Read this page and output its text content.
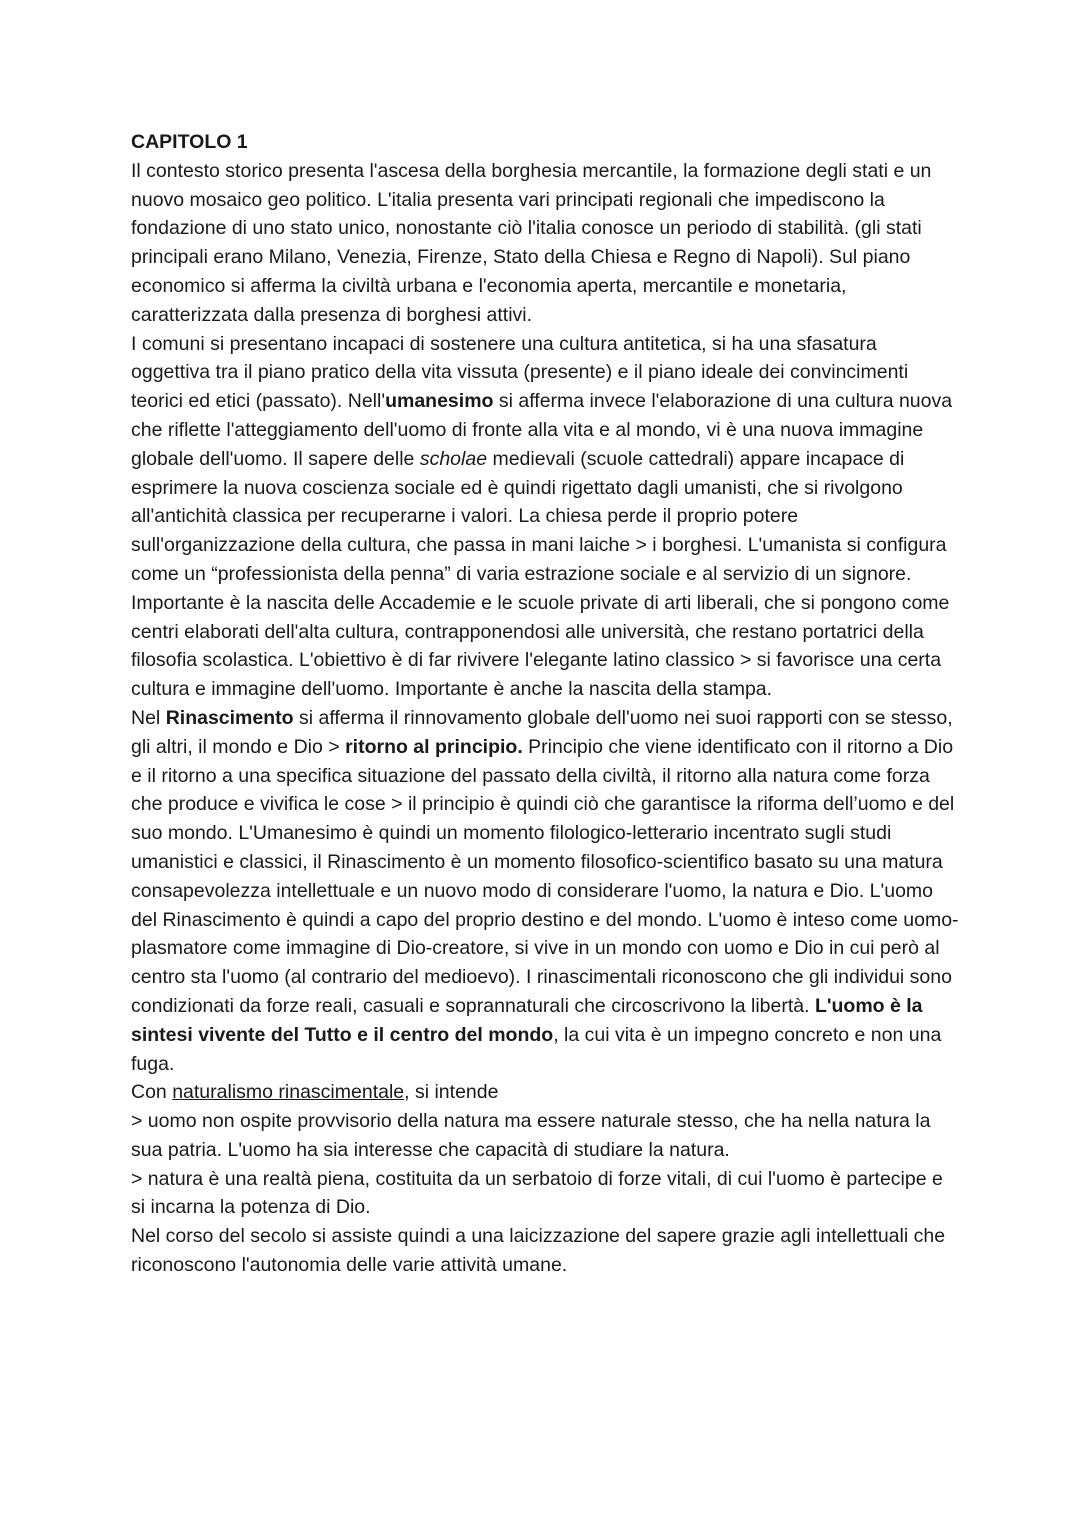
CAPITOLO 1

Il contesto storico presenta l'ascesa della borghesia mercantile, la formazione degli stati e un nuovo mosaico geo politico. L'italia presenta vari principati regionali che impediscono la fondazione di uno stato unico, nonostante ciò l'italia conosce un periodo di stabilità. (gli stati principali erano Milano, Venezia, Firenze, Stato della Chiesa e Regno di Napoli). Sul piano economico si afferma la civiltà urbana e l'economia aperta, mercantile e monetaria, caratterizzata dalla presenza di borghesi attivi.

I comuni si presentano incapaci di sostenere una cultura antitetica, si ha una sfasatura oggettiva tra il piano pratico della vita vissuta (presente) e il piano ideale dei convincimenti teorici ed etici (passato). Nell'umanesimo si afferma invece l'elaborazione di una cultura nuova che riflette l'atteggiamento dell'uomo di fronte alla vita e al mondo, vi è una nuova immagine globale dell'uomo. Il sapere delle scholae medievali (scuole cattedrali) appare incapace di esprimere la nuova coscienza sociale ed è quindi rigettato dagli umanisti, che si rivolgono all'antichità classica per recuperarne i valori. La chiesa perde il proprio potere sull'organizzazione della cultura, che passa in mani laiche > i borghesi. L'umanista si configura come un “professionista della penna” di varia estrazione sociale e al servizio di un signore. Importante è la nascita delle Accademie e le scuole private di arti liberali, che si pongono come centri elaborati dell'alta cultura, contrapponendosi alle università, che restano portatrici della filosofia scolastica. L'obiettivo è di far rivivere l'elegante latino classico > si favorisce una certa cultura e immagine dell'uomo. Importante è anche la nascita della stampa.

Nel Rinascimento si afferma il rinnovamento globale dell'uomo nei suoi rapporti con se stesso, gli altri, il mondo e Dio > ritorno al principio. Principio che viene identificato con il ritorno a Dio e il ritorno a una specifica situazione del passato della civiltà, il ritorno alla natura come forza che produce e vivifica le cose > il principio è quindi ciò che garantisce la riforma dell’uomo e del suo mondo. L'Umanesimo è quindi un momento filologico-letterario incentrato sugli studi umanistici e classici, il Rinascimento è un momento filosofico-scientifico basato su una matura consapevolezza intellettuale e un nuovo modo di considerare l'uomo, la natura e Dio. L'uomo del Rinascimento è quindi a capo del proprio destino e del mondo. L'uomo è inteso come uomo-plasmatore come immagine di Dio-creatore, si vive in un mondo con uomo e Dio in cui però al centro sta l'uomo (al contrario del medioevo). I rinascimentali riconoscono che gli individui sono condizionati da forze reali, casuali e soprannaturali che circoscrivono la libertà. L'uomo è la sintesi vivente del Tutto e il centro del mondo, la cui vita è un impegno concreto e non una fuga.

Con naturalismo rinascimentale, si intende

> uomo non ospite provvisorio della natura ma essere naturale stesso, che ha nella natura la sua patria. L'uomo ha sia interesse che capacità di studiare la natura.

> natura è una realtà piena, costituita da un serbatoio di forze vitali, di cui l'uomo è partecipe e si incarna la potenza di Dio.

Nel corso del secolo si assiste quindi a una laicizzazione del sapere grazie agli intellettuali che riconoscono l'autonomia delle varie attività umane.
